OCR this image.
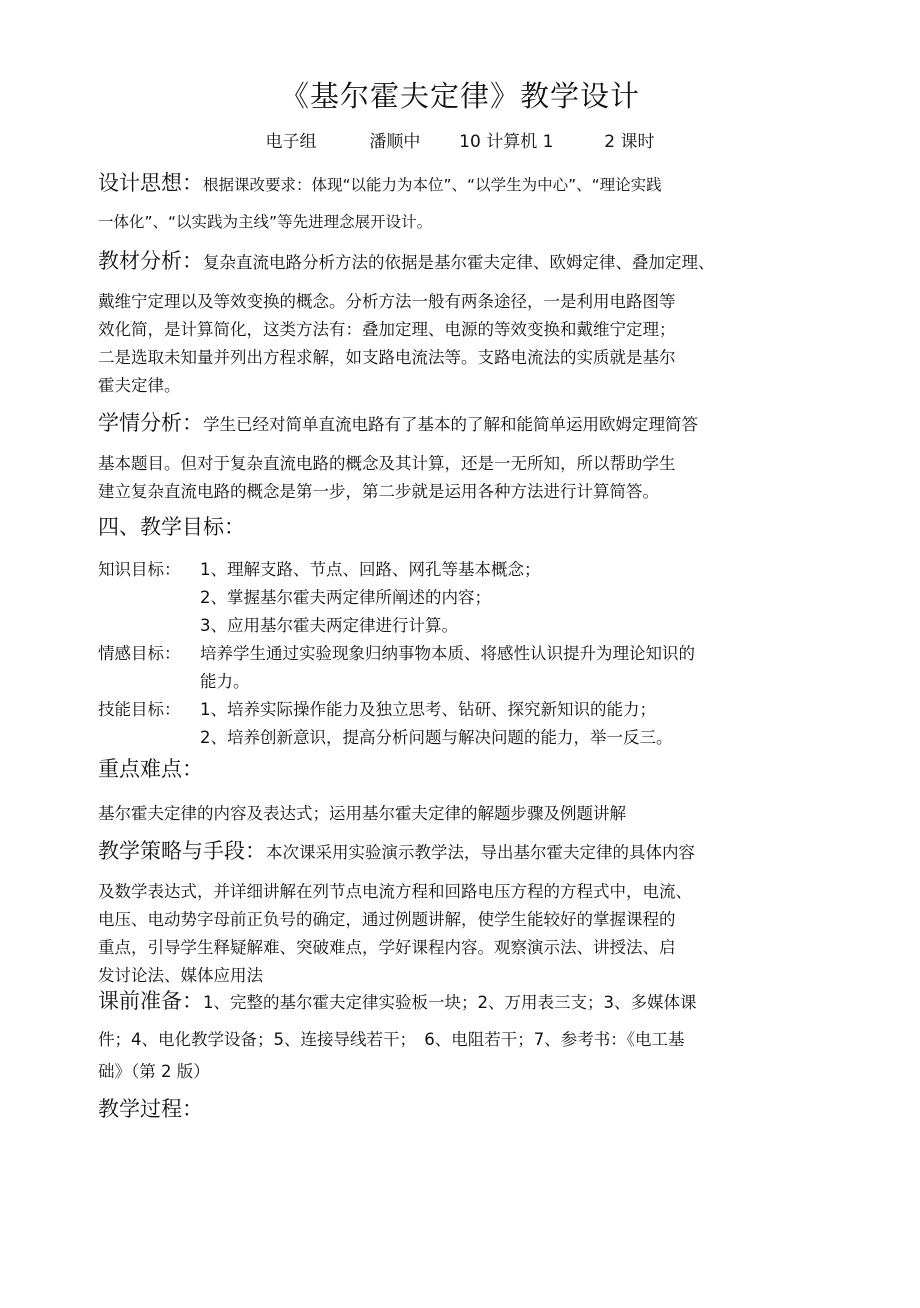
《基尔霍夫定律》教学设计
电子组	潘顺中 10 计算机 1	2 课时
设计思想：根据课改要求：体现“以能力为本位”、“以学生为中心”、“理论实践
一体化”、“以实践为主线”等先进理念展开设计。
教材分析：复杂直流电路分析方法的依据是基尔霍夫定律、欧姆定律、叠加定理、

戴维宁定理以及等效变换的概念。分析方法一般有两条途径，一是利用电路图等

效化简，是计算简化，这类方法有：叠加定理、电源的等效变换和戴维宁定理；

二是选取未知量并列出方程求解，如支路电流法等。支路电流法的实质就是基尔

霍夫定律。

学情分析：学生已经对简单直流电路有了基本的了解和能简单运用欧姆定理简答

基本题目。但对于复杂直流电路的概念及其计算，还是一无所知，所以帮助学生

建立复杂直流电路的概念是第一步，第二步就是运用各种方法进行计算简答。

四、教学目标：
知识目标：	1、理解支路、节点、回路、网孔等基本概念；
2、掌握基尔霍夫两定律所阐述的内容；
3、应用基尔霍夫两定律进行计算。
情感目标：	培养学生通过实验现象归纳事物本质、将感性认识提升为理论知识的
能力。
技能目标：	1、培养实际操作能力及独立思考、钻研、探究新知识的能力；
2、培养创新意识，提高分析问题与解决问题的能力，举一反三。
重点难点：

基尔霍夫定律的内容及表达式；运用基尔霍夫定律的解题步骤及例题讲解

教学策略与手段：本次课采用实验演示教学法，导出基尔霍夫定律的具体内容

及数学表达式，并详细讲解在列节点电流方程和回路电压方程的方程式中，电流、

电压、电动势字母前正负号的确定，通过例题讲解，使学生能较好的掌握课程的

重点，引导学生释疑解难、突破难点，学好课程内容。观察演示法、讲授法、启

发讨论法、媒体应用法

课前准备：1、完整的基尔霍夫定律实验板一块；2、万用表三支；3、多媒体课

件；4、电化教学设备；5、连接导线若干；　6、电阻若干；7、参考书：《电工基

础》（第 2 版）

教学过程：
